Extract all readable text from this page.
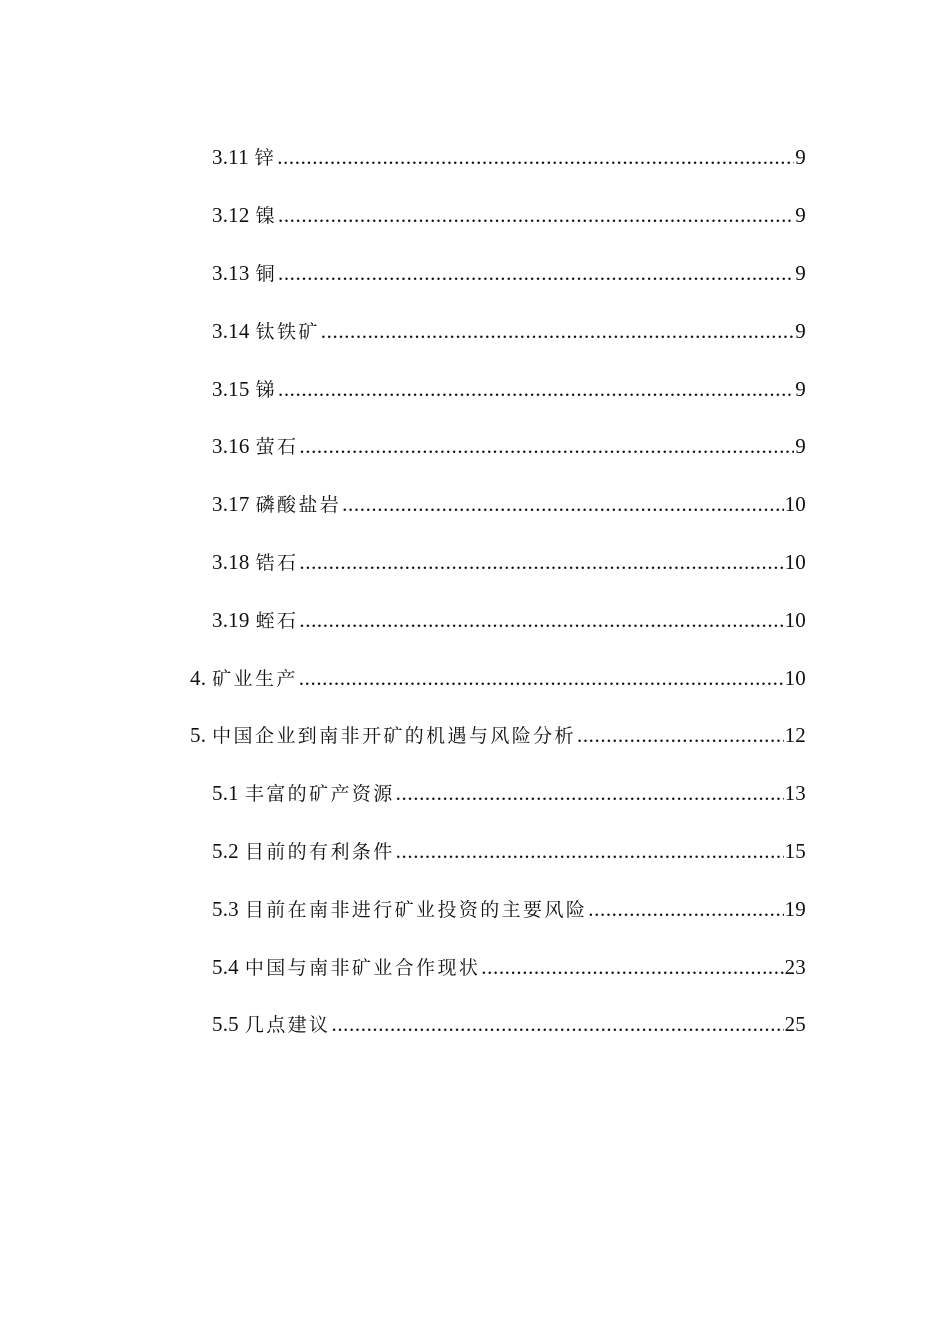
3.11 锌 .....	9
3.12 镍 .....	9
3.13 铜 .....	9
3.14 钛铁矿 .....	9
3.15 锑 .....	9
3.16 萤石 .....	9
3.17 磷酸盐岩 .....	10
3.18 锆石 .....	10
3.19 蛭石 .....	10
4. 矿业生产 .....	10
5. 中国企业到南非开矿的机遇与风险分析 .....	12
5.1 丰富的矿产资源 .....	13
5.2 目前的有利条件 .....	15
5.3 目前在南非进行矿业投资的主要风险 .....	19
5.4 中国与南非矿业合作现状 .....	23
5.5 几点建议 .....	25
